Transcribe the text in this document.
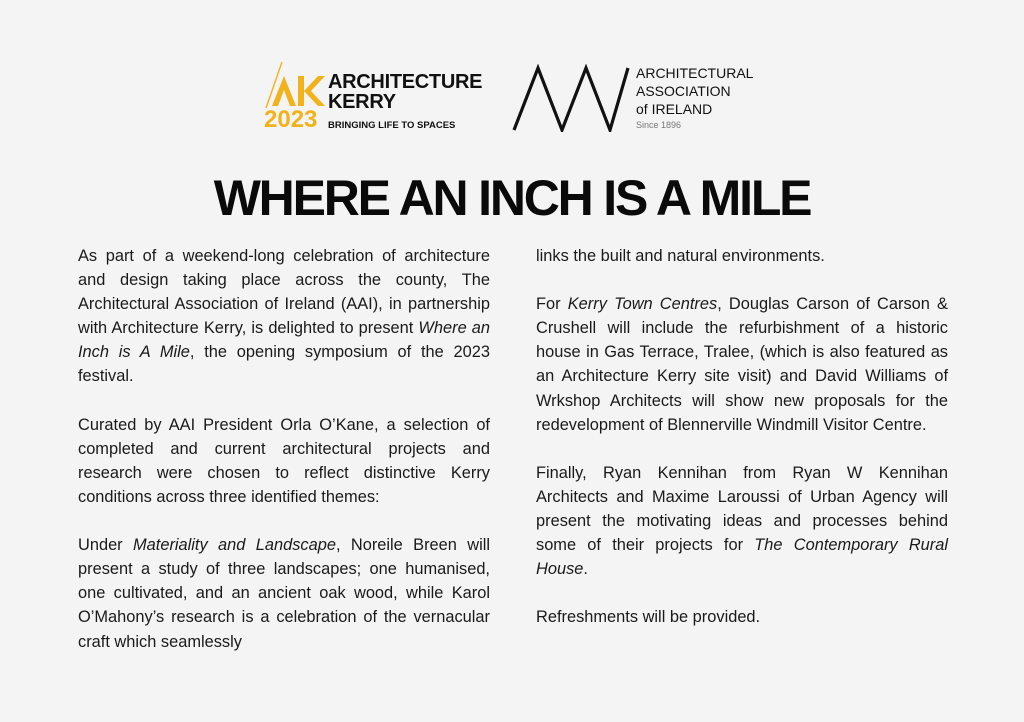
2023
ARCHITECTURE
KERRY
BRINGING LIFE TO SPACES
ARCHITECTURAL
ASSOCIATION
of IRELAND
Since 1896
WHERE AN INCH IS A MILE

As part of a weekend-long celebration of architecture and design taking place across the county, The Architectural Association of Ireland (AAI), in partnership with Architecture Kerry, is delighted to present Where an Inch is A Mile, the opening symposium of the 2023 festival.

Curated by AAI President Orla O’Kane, a selection of completed and current architectural projects and research were chosen to reflect distinctive Kerry conditions across three identified themes:

Under Materiality and Landscape, Noreile Breen will present a study of three landscapes; one humanised, one cultivated, and an ancient oak wood, while Karol O’Mahony’s research is a celebration of the vernacular craft which seamlessly

links the built and natural environments.

For Kerry Town Centres, Douglas Carson of Carson & Crushell will include the refurbishment of a historic house in Gas Terrace, Tralee, (which is also featured as an Architecture Kerry site visit) and David Williams of Wrkshop Architects will show new proposals for the redevelopment of Blennerville Windmill Visitor Centre.

Finally, Ryan Kennihan from Ryan W Kennihan Architects and Maxime Laroussi of Urban Agency will present the motivating ideas and processes behind some of their projects for The Contemporary Rural House.

Refreshments will be provided.
